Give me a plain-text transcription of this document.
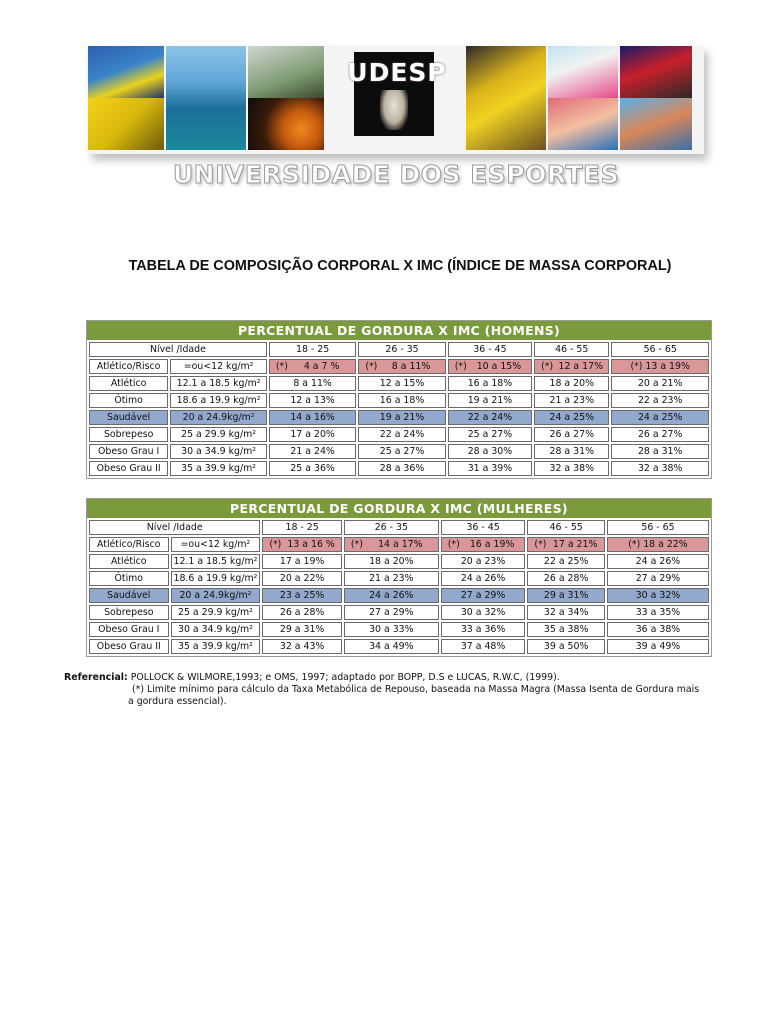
UDESP
UNIVERSIDADE DOS ESPORTES
TABELA DE COMPOSIÇÃO CORPORAL X IMC (ÍNDICE DE MASSA CORPORAL)
PERCENTUAL DE GORDURA X IMC (HOMENS)
Nível /Idade		18 - 25	26 - 35	36 - 45	46 - 55	56 - 65
Atlético/Risco	=ou<12 kg/m²	(*) 4 a 7 %	(*) 8 a 11%	(*) 10 a 15%	(*) 12 a 17%	(*) 13 a 19%
Atlético	12.1 a 18.5 kg/m²	8 a 11%	12 a 15%	16 a 18%	18 a 20%	20 a 21%
Ótimo	18.6 a 19.9 kg/m²	12 a 13%	16 a 18%	19 a 21%	21 a 23%	22 a 23%
Saudável	20 a 24.9kg/m²	14 a 16%	19 a 21%	22 a 24%	24 a 25%	24 a 25%
Sobrepeso	25 a 29.9 kg/m²	17 a 20%	22 a 24%	25 a 27%	26 a 27%	26 a 27%
Obeso Grau I	30 a 34.9 kg/m²	21 a 24%	25 a 27%	28 a 30%	28 a 31%	28 a 31%
Obeso Grau II	35 a 39.9 kg/m²	25 a 36%	28 a 36%	31 a 39%	32 a 38%	32 a 38%
PERCENTUAL DE GORDURA X IMC (MULHERES)
Nível /Idade		18 - 25	26 - 35	36 - 45	46 - 55	56 - 65
Atlético/Risco	=ou<12 kg/m²	(*) 13 a 16 %	(*) 14 a 17%	(*) 16 a 19%	(*) 17 a 21%	(*) 18 a 22%
Atlético	12.1 a 18.5 kg/m²	17 a 19%	18 a 20%	20 a 23%	22 a 25%	24 a 26%
Ótimo	18.6 a 19.9 kg/m²	20 a 22%	21 a 23%	24 a 26%	26 a 28%	27 a 29%
Saudável	20 a 24.9kg/m²	23 a 25%	24 a 26%	27 a 29%	29 a 31%	30 a 32%
Sobrepeso	25 a 29.9 kg/m²	26 a 28%	27 a 29%	30 a 32%	32 a 34%	33 a 35%
Obeso Grau I	30 a 34.9 kg/m²	29 a 31%	30 a 33%	33 a 36%	35 a 38%	36 a 38%
Obeso Grau II	35 a 39.9 kg/m²	32 a 43%	34 a 49%	37 a 48%	39 a 50%	39 a 49%
Referencial: POLLOCK & WILMORE,1993; e OMS, 1997; adaptado por BOPP, D.S e LUCAS, R.W.C, (1999).
(*) Limite mínimo para cálculo da Taxa Metabólica de Repouso, baseada na Massa Magra (Massa Isenta de Gordura mais
a gordura essencial).
